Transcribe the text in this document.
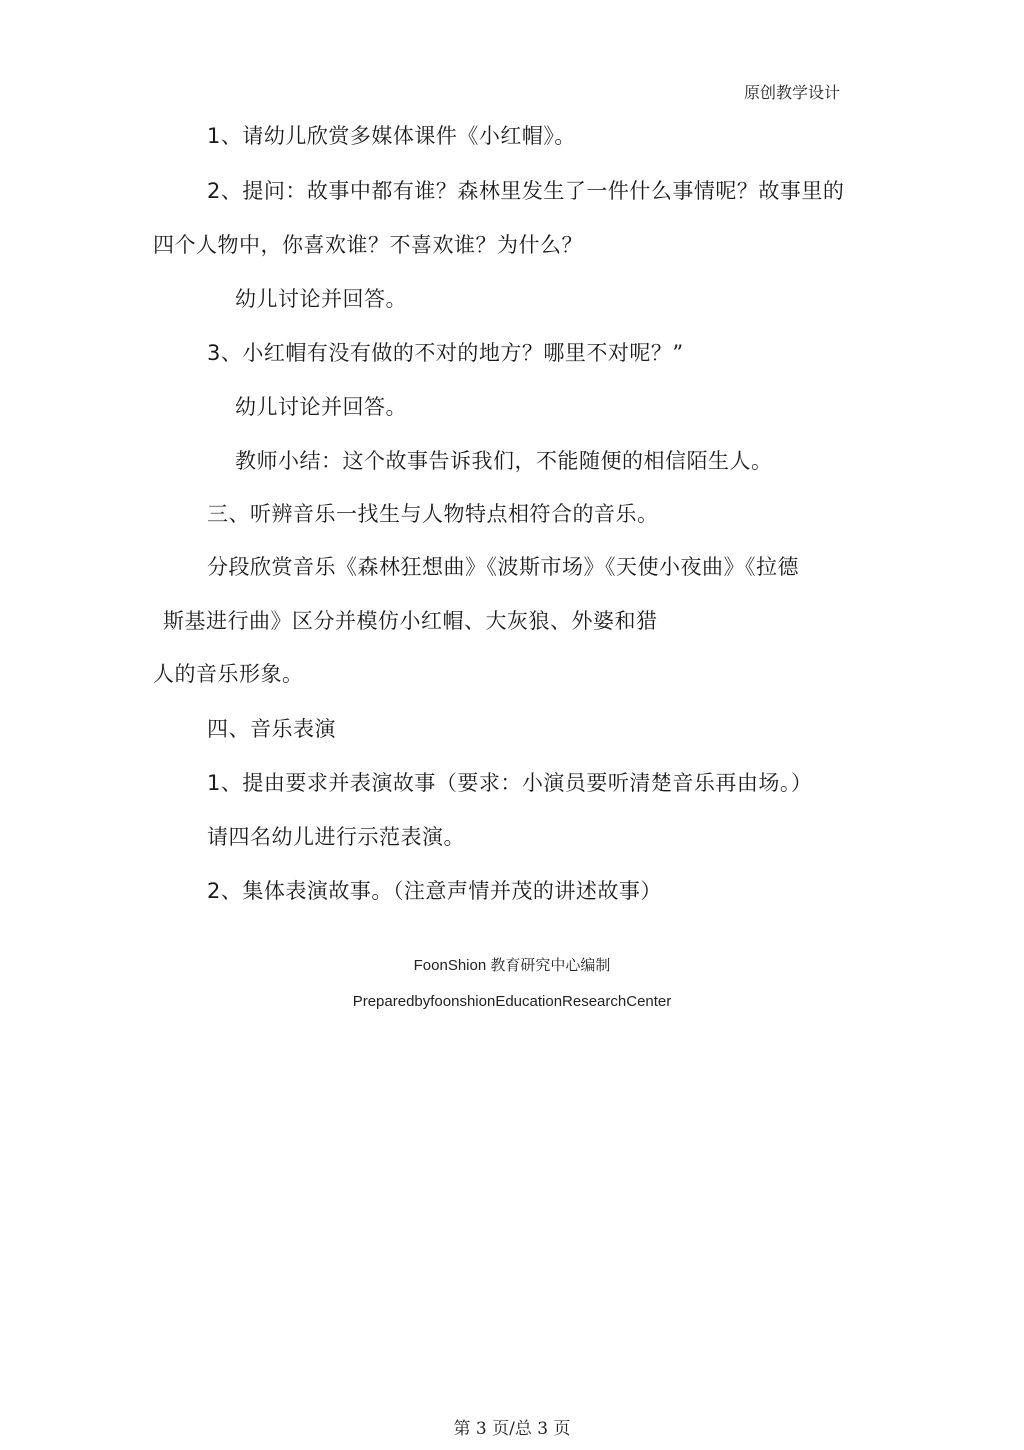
原创教学设计
1、请幼儿欣赏多媒体课件《小红帽》。
2、提问：故事中都有谁？森林里发生了一件什么事情呢？故事里的
四个人物中，你喜欢谁？不喜欢谁？为什么？
幼儿讨论并回答。
3、小红帽有没有做的不对的地方？哪里不对呢？”
幼儿讨论并回答。
教师小结：这个故事告诉我们，不能随便的相信陌生人。
三、听辨音乐一找生与人物特点相符合的音乐。
分段欣赏音乐《森林狂想曲》《波斯市场》《天使小夜曲》《拉德
斯基进行曲》区分并模仿小红帽、大灰狼、外婆和猎
人的音乐形象。
四、音乐表演
1、提由要求并表演故事（要求：小演员要听清楚音乐再由场。）
请四名幼儿进行示范表演。
2、集体表演故事。（注意声情并茂的讲述故事）
FoonShion 教育研究中心编制
PreparedbyfoonshionEducationResearchCenter
第 3 页/总 3 页
